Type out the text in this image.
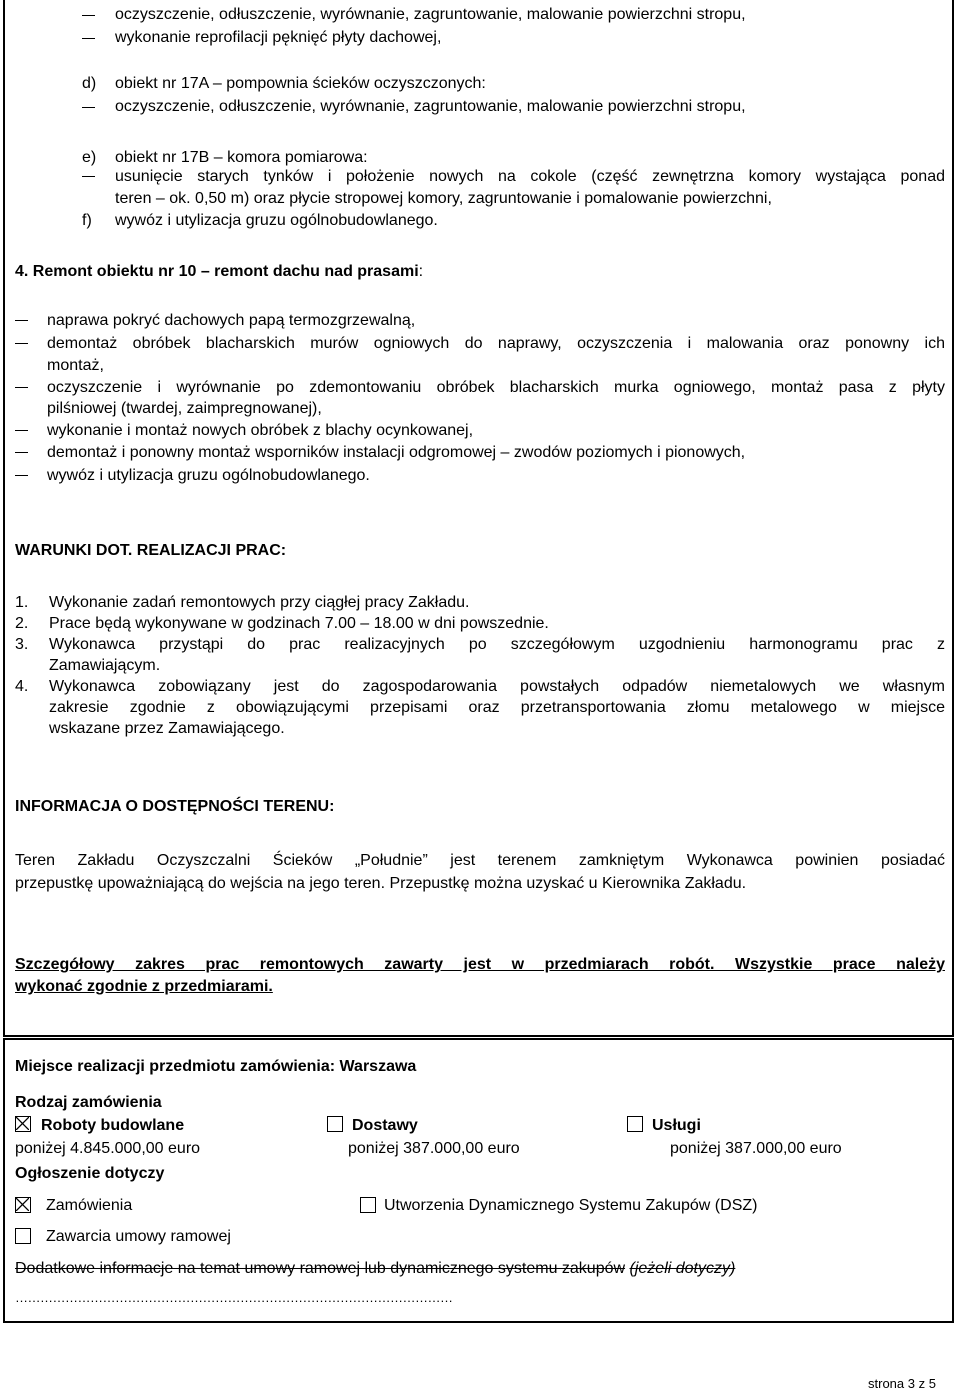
oczyszczenie, odłuszczenie, wyrównanie, zagruntowanie, malowanie powierzchni stropu,
wykonanie reprofilacji pęknięć płyty dachowej,
d) obiekt nr 17A – pompownia ścieków oczyszczonych:
oczyszczenie, odłuszczenie, wyrównanie, zagruntowanie, malowanie powierzchni stropu,
e) obiekt nr 17B – komora pomiarowa:
usunięcie starych tynków i położenie nowych na cokole (część zewnętrzna komory wystająca ponad
teren – ok. 0,50 m) oraz płycie stropowej komory, zagruntowanie i pomalowanie powierzchni,
f) wywóz i utylizacja gruzu ogólnobudowlanego.
4. Remont obiektu nr 10 – remont dachu nad prasami:
naprawa pokryć dachowych papą termozgrzewalną,
demontaż obróbek blacharskich murów ogniowych do naprawy, oczyszczenia i malowania oraz ponowny ich
montaż,
oczyszczenie i wyrównanie po zdemontowaniu obróbek blacharskich murka ogniowego, montaż pasa z płyty
pilśniowej (twardej, zaimpregnowanej),
wykonanie i montaż nowych obróbek z blachy ocynkowanej,
demontaż i ponowny montaż wsporników instalacji odgromowej – zwodów poziomych i pionowych,
wywóz i utylizacja gruzu ogólnobudowlanego.
WARUNKI DOT. REALIZACJI PRAC:
1. Wykonanie zadań remontowych przy ciągłej pracy Zakładu.
2. Prace będą wykonywane w godzinach 7.00 – 18.00 w dni powszednie.
3. Wykonawca przystąpi do prac realizacyjnych po szczegółowym uzgodnieniu harmonogramu prac z
Zamawiającym.
4. Wykonawca zobowiązany jest do zagospodarowania powstałych odpadów niemetalowych we własnym
zakresie zgodnie z obowiązującymi przepisami oraz przetransportowania złomu metalowego w miejsce
wskazane przez Zamawiającego.
INFORMACJA O DOSTĘPNOŚCI TERENU:
Teren Zakładu Oczyszczalni Ścieków „Południe” jest terenem zamkniętym Wykonawca powinien posiadać
przepustkę upoważniającą do wejścia na jego teren. Przepustkę można uzyskać u Kierownika Zakładu.
Szczegółowy zakres prac remontowych zawarty jest w przedmiarach robót. Wszystkie prace należy
wykonać zgodnie z przedmiarami.
Miejsce realizacji przedmiotu zamówienia: Warszawa
Rodzaj zamówienia
Roboty budowlane	Dostawy	Usługi
poniżej 4.845.000,00 euro	poniżej 387.000,00 euro	poniżej 387.000,00 euro
Ogłoszenie dotyczy
Zamówienia	Utworzenia Dynamicznego Systemu Zakupów (DSZ)
Zawarcia umowy ramowej
Dodatkowe informacje na temat umowy ramowej lub dynamicznego systemu zakupów (jeżeli dotyczy)
……………………………………………………………………………………………
strona 3 z 5
